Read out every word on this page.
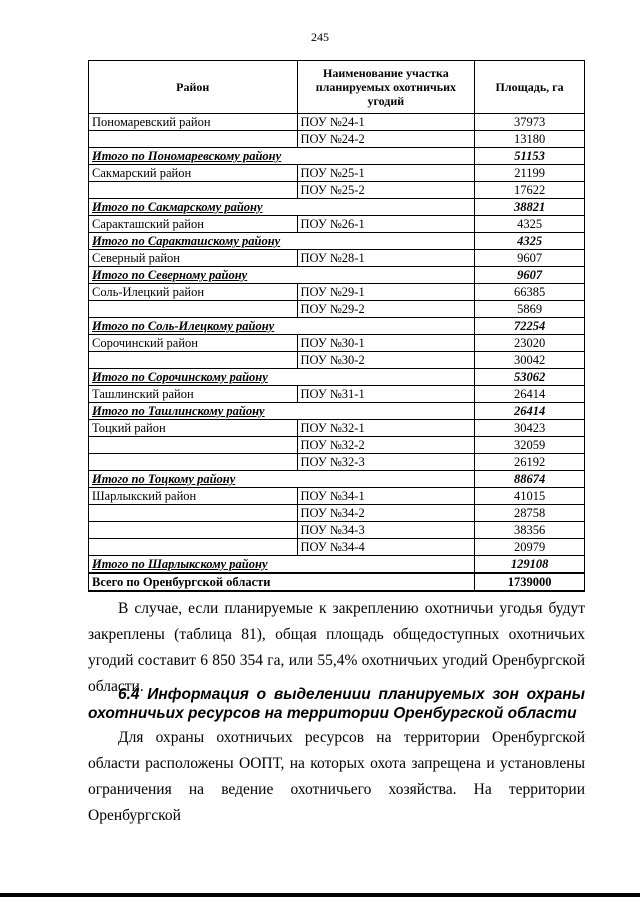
245
Район	Наименование участка планируемых охотничьих угодий	Площадь, га
Пономаревский район	ПОУ №24-1	37973
	ПОУ №24-2	13180
Итого по Пономаревскому району		51153
Сакмарский район	ПОУ №25-1	21199
	ПОУ №25-2	17622
Итого по Сакмарскому району		38821
Саракташский район	ПОУ №26-1	4325
Итого по Саракташскому району		4325
Северный район	ПОУ №28-1	9607
Итого по Северному району		9607
Соль-Илецкий район	ПОУ №29-1	66385
	ПОУ №29-2	5869
Итого по Соль-Илецкому району		72254
Сорочинский район	ПОУ №30-1	23020
	ПОУ №30-2	30042
Итого по Сорочинскому району		53062
Ташлинский район	ПОУ №31-1	26414
Итого по Ташлинскому району		26414
Тоцкий район	ПОУ №32-1	30423
	ПОУ №32-2	32059
	ПОУ №32-3	26192
Итого по Тоцкому району		88674
Шарлыкский район	ПОУ №34-1	41015
	ПОУ №34-2	28758
	ПОУ №34-3	38356
	ПОУ №34-4	20979
Итого по Шарлыкскому району		129108
Всего по Оренбургской области		1739000
В случае, если планируемые к закреплению охотничьи угодья будут закреплены (таблица 81), общая площадь общедоступных охотничьих угодий составит 6 850 354 га, или 55,4% охотничьих угодий Оренбургской области.
6.4 Информация о выделениии планируемых зон охраны охотничьих ресурсов на территории Оренбургской области
Для охраны охотничьих ресурсов на территории Оренбургской области расположены ООПТ, на которых охота запрещена и установлены ограничения на ведение охотничьего хозяйства. На территории Оренбургской
